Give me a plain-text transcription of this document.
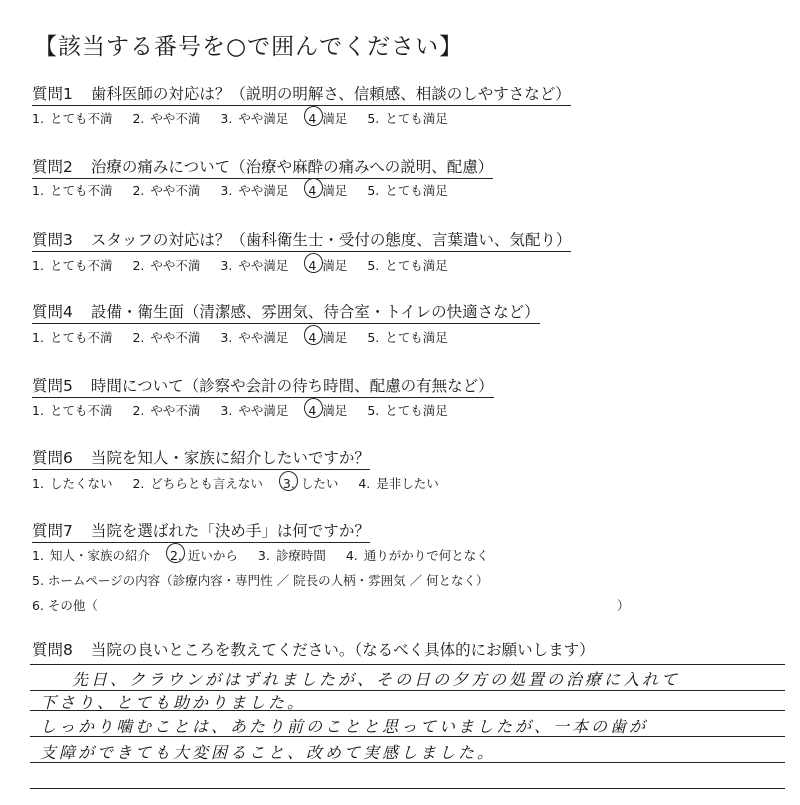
【該当する番号を○で囲んでください】
質問1 歯科医師の対応は？（説明の明解さ、信頼感、相談のしやすさなど）
1. とても不満 2. やや不満 3. やや満足 4 満足 5. とても満足
質問2 治療の痛みについて（治療や麻酔の痛みへの説明、配慮）
1. とても不満 2. やや不満 3. やや満足 4 満足 5. とても満足
質問3 スタッフの対応は？（歯科衛生士・受付の態度、言葉遣い、気配り）
1. とても不満 2. やや不満 3. やや満足 4 満足 5. とても満足
質問4 設備・衛生面（清潔感、雰囲気、待合室・トイレの快適さなど）
1. とても不満 2. やや不満 3. やや満足 4 満足 5. とても満足
質問5 時間について（診察や会計の待ち時間、配慮の有無など）
1. とても不満 2. やや不満 3. やや満足 4 満足 5. とても満足
質問6 当院を知人・家族に紹介したいですか？
1. したくない 2. どちらとも言えない 3. したい 4. 是非したい
質問7 当院を選ばれた「決め手」は何ですか？
1. 知人・家族の紹介 2. 近いから 3. 診療時間 4. 通りがかりで何となく
5. ホームページの内容（診療内容・専門性 ／ 院長の人柄・雰囲気 ／ 何となく）
6. その他（	）
質問8 当院の良いところを教えてください。（なるべく具体的にお願いします）
先日、クラウンがはずれましたが、その日の夕方の処置の治療に入れて
下さり、とても助かりました。
しっかり噛むことは、あたり前のことと思っていましたが、一本の歯が
支障ができても大変困ること、改めて実感しました。
